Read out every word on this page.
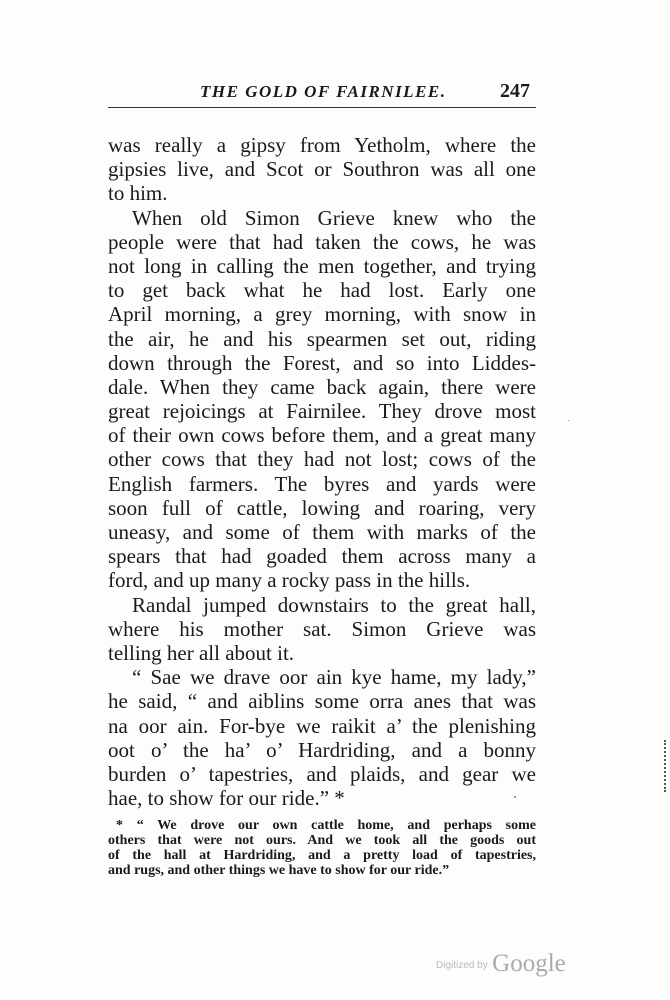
THE GOLD OF FAIRNILEE.	247
was really a gipsy from Yetholm, where the
gipsies live, and Scot or Southron was all one
to him.
When old Simon Grieve knew who the
people were that had taken the cows, he was
not long in calling the men together, and trying
to get back what he had lost. Early one
April morning, a grey morning, with snow in
the air, he and his spearmen set out, riding
down through the Forest, and so into Liddes-
dale. When they came back again, there were
great rejoicings at Fairnilee. They drove most
of their own cows before them, and a great many
other cows that they had not lost; cows of the
English farmers. The byres and yards were
soon full of cattle, lowing and roaring, very
uneasy, and some of them with marks of the
spears that had goaded them across many a
ford, and up many a rocky pass in the hills.
Randal jumped downstairs to the great hall,
where his mother sat. Simon Grieve was
telling her all about it.
“ Sae we drave oor ain kye hame, my lady,”
he said, “ and aiblins some orra anes that was
na oor ain. For-bye we raikit a’ the plenishing
oot o’ the ha’ o’ Hardriding, and a bonny
burden o’ tapestries, and plaids, and gear we
hae, to show for our ride.” *
* “ We drove our own cattle home, and perhaps some
others that were not ours. And we took all the goods out
of the hall at Hardriding, and a pretty load of tapestries,
and rugs, and other things we have to show for our ride.”
Digitized by Google
